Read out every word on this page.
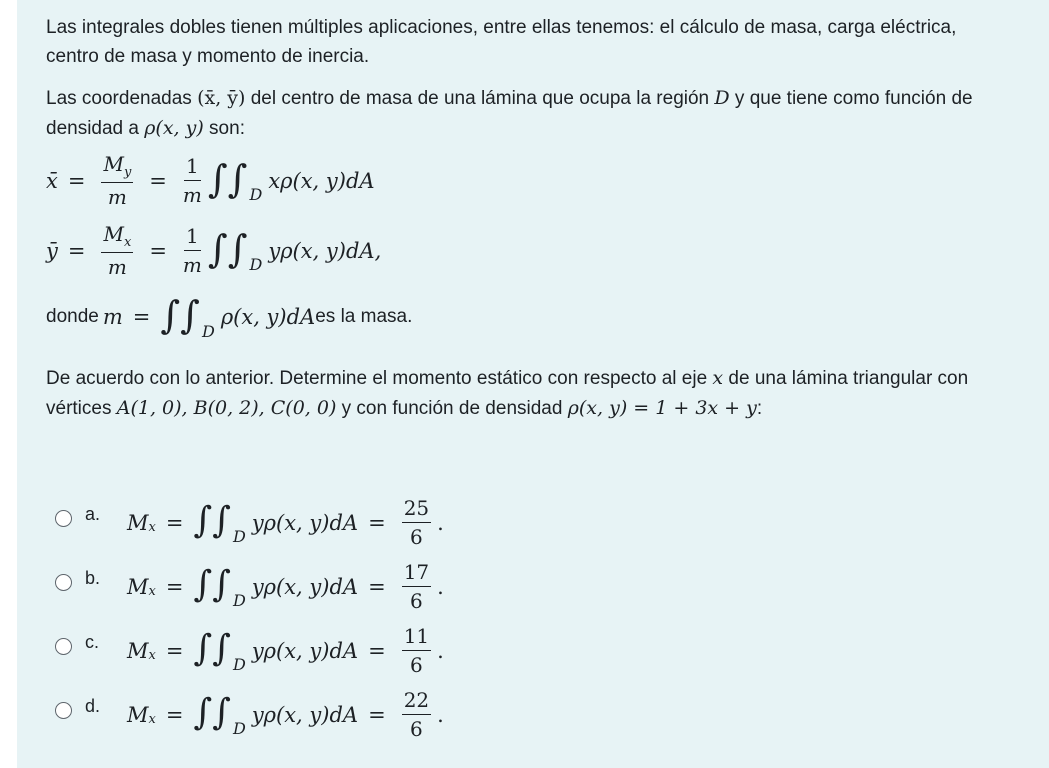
Las integrales dobles tienen múltiples aplicaciones, entre ellas tenemos: el cálculo de masa, carga eléctrica,

centro de masa y momento de inercia.

Las coordenadas (x̄, ȳ) del centro de masa de una lámina que ocupa la región D y que tiene como función de

densidad a ρ(x, y) son:

x̄ = $\frac{M_y}{m} = \frac{1}{m}$ ∫∫ D
xρ(x, y)dA
ȳ = $\frac{M_x}{m} = \frac{1}{m}$ ∫∫ D
yρ(x, y)dA,
donde m = ∫∫ D
ρ(x, y)dA es la masa.

De acuerdo con lo anterior. Determine el momento estático con respecto al eje x de una lámina triangular con

vértices A(1, 0), B(0, 2), C(0, 0) y con función de densidad ρ(x, y) = 1 + 3x + y:

a. M x = ∫∫ D
yρ(x, $y)dA = \frac{25}{6}$ .
b. M x = ∫∫ D
yρ(x, $y)dA = \frac{17}{6}$ .
c. M x = ∫∫ D
yρ(x, $y)dA = \frac{11}{6}$ .
d. M x = ∫∫ D
yρ(x, $y)dA = \frac{22}{6}$ .
